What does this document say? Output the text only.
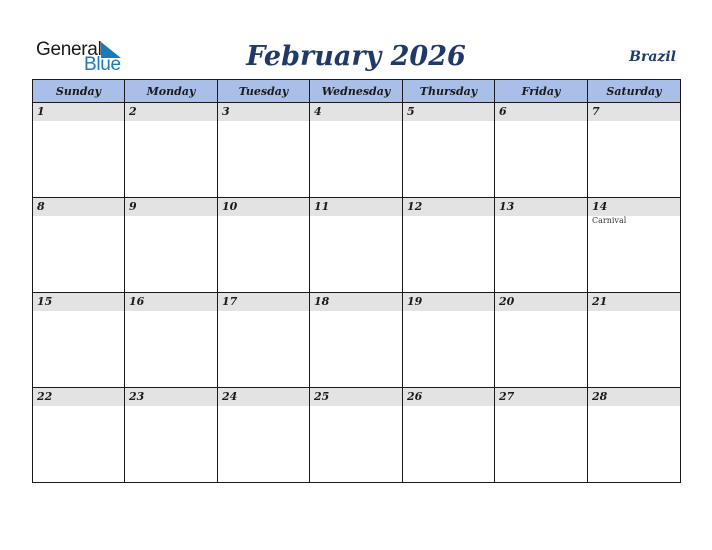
General
Blue	February 2026	Brazil
Sunday	Monday	Tuesday	Wednesday	Thursday	Friday	Saturday

1	2	3	4	5	6	7

8	9	10	11	12	13	14
Carnival

15	16	17	18	19	20	21

22	23	24	25	26	27	28
